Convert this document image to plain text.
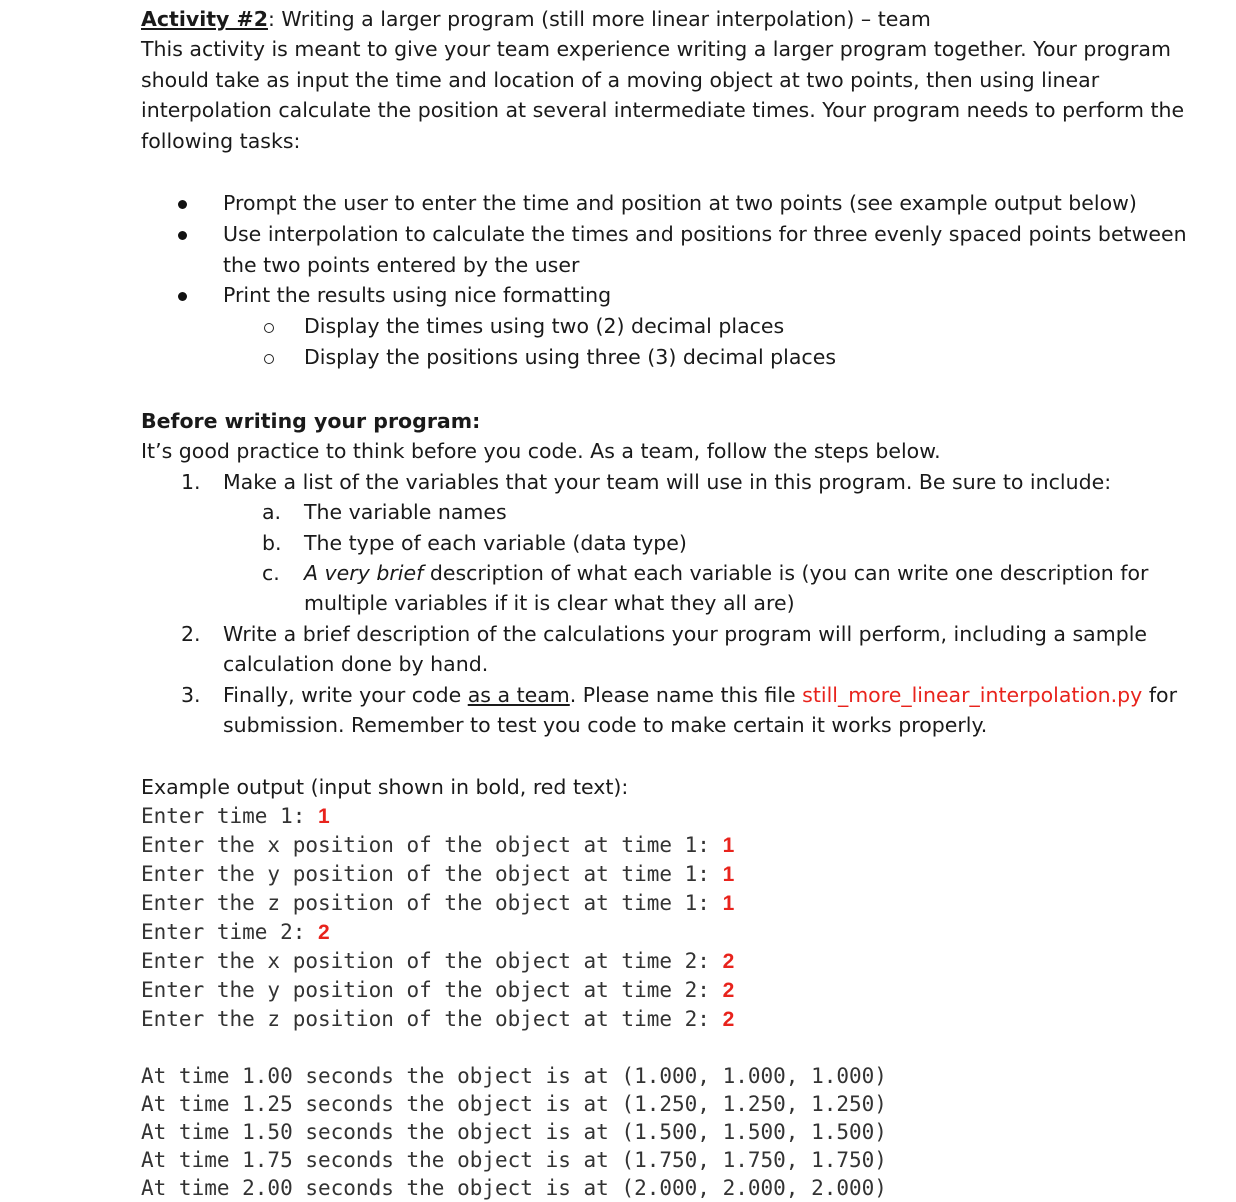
Activity #2: Writing a larger program (still more linear interpolation) – team

This activity is meant to give your team experience writing a larger program together. Your program should take as input the time and location of a moving object at two points, then using linear interpolation calculate the position at several intermediate times. Your program needs to perform the following tasks:

Prompt the user to enter the time and position at two points (see example output below)
Use interpolation to calculate the times and positions for three evenly spaced points between the two points entered by the user
Print the results using nice formatting
Display the times using two (2) decimal places
Display the positions using three (3) decimal places

Before writing your program:

It’s good practice to think before you code. As a team, follow the steps below.

1. Make a list of the variables that your team will use in this program. Be sure to include:
a. The variable names
b. The type of each variable (data type)
c. A very brief description of what each variable is (you can write one description for multiple variables if it is clear what they all are)
2. Write a brief description of the calculations your program will perform, including a sample calculation done by hand.
3. Finally, write your code as a team. Please name this file still_more_linear_interpolation.py for submission. Remember to test you code to make certain it works properly.

Example output (input shown in bold, red text):

Enter time 1: 1
Enter the x position of the object at time 1: 1
Enter the y position of the object at time 1: 1
Enter the z position of the object at time 1: 1
Enter time 2: 2
Enter the x position of the object at time 2: 2
Enter the y position of the object at time 2: 2
Enter the z position of the object at time 2: 2
At time 1.00 seconds the object is at (1.000, 1.000, 1.000)
At time 1.25 seconds the object is at (1.250, 1.250, 1.250)
At time 1.50 seconds the object is at (1.500, 1.500, 1.500)
At time 1.75 seconds the object is at (1.750, 1.750, 1.750)
At time 2.00 seconds the object is at (2.000, 2.000, 2.000)
